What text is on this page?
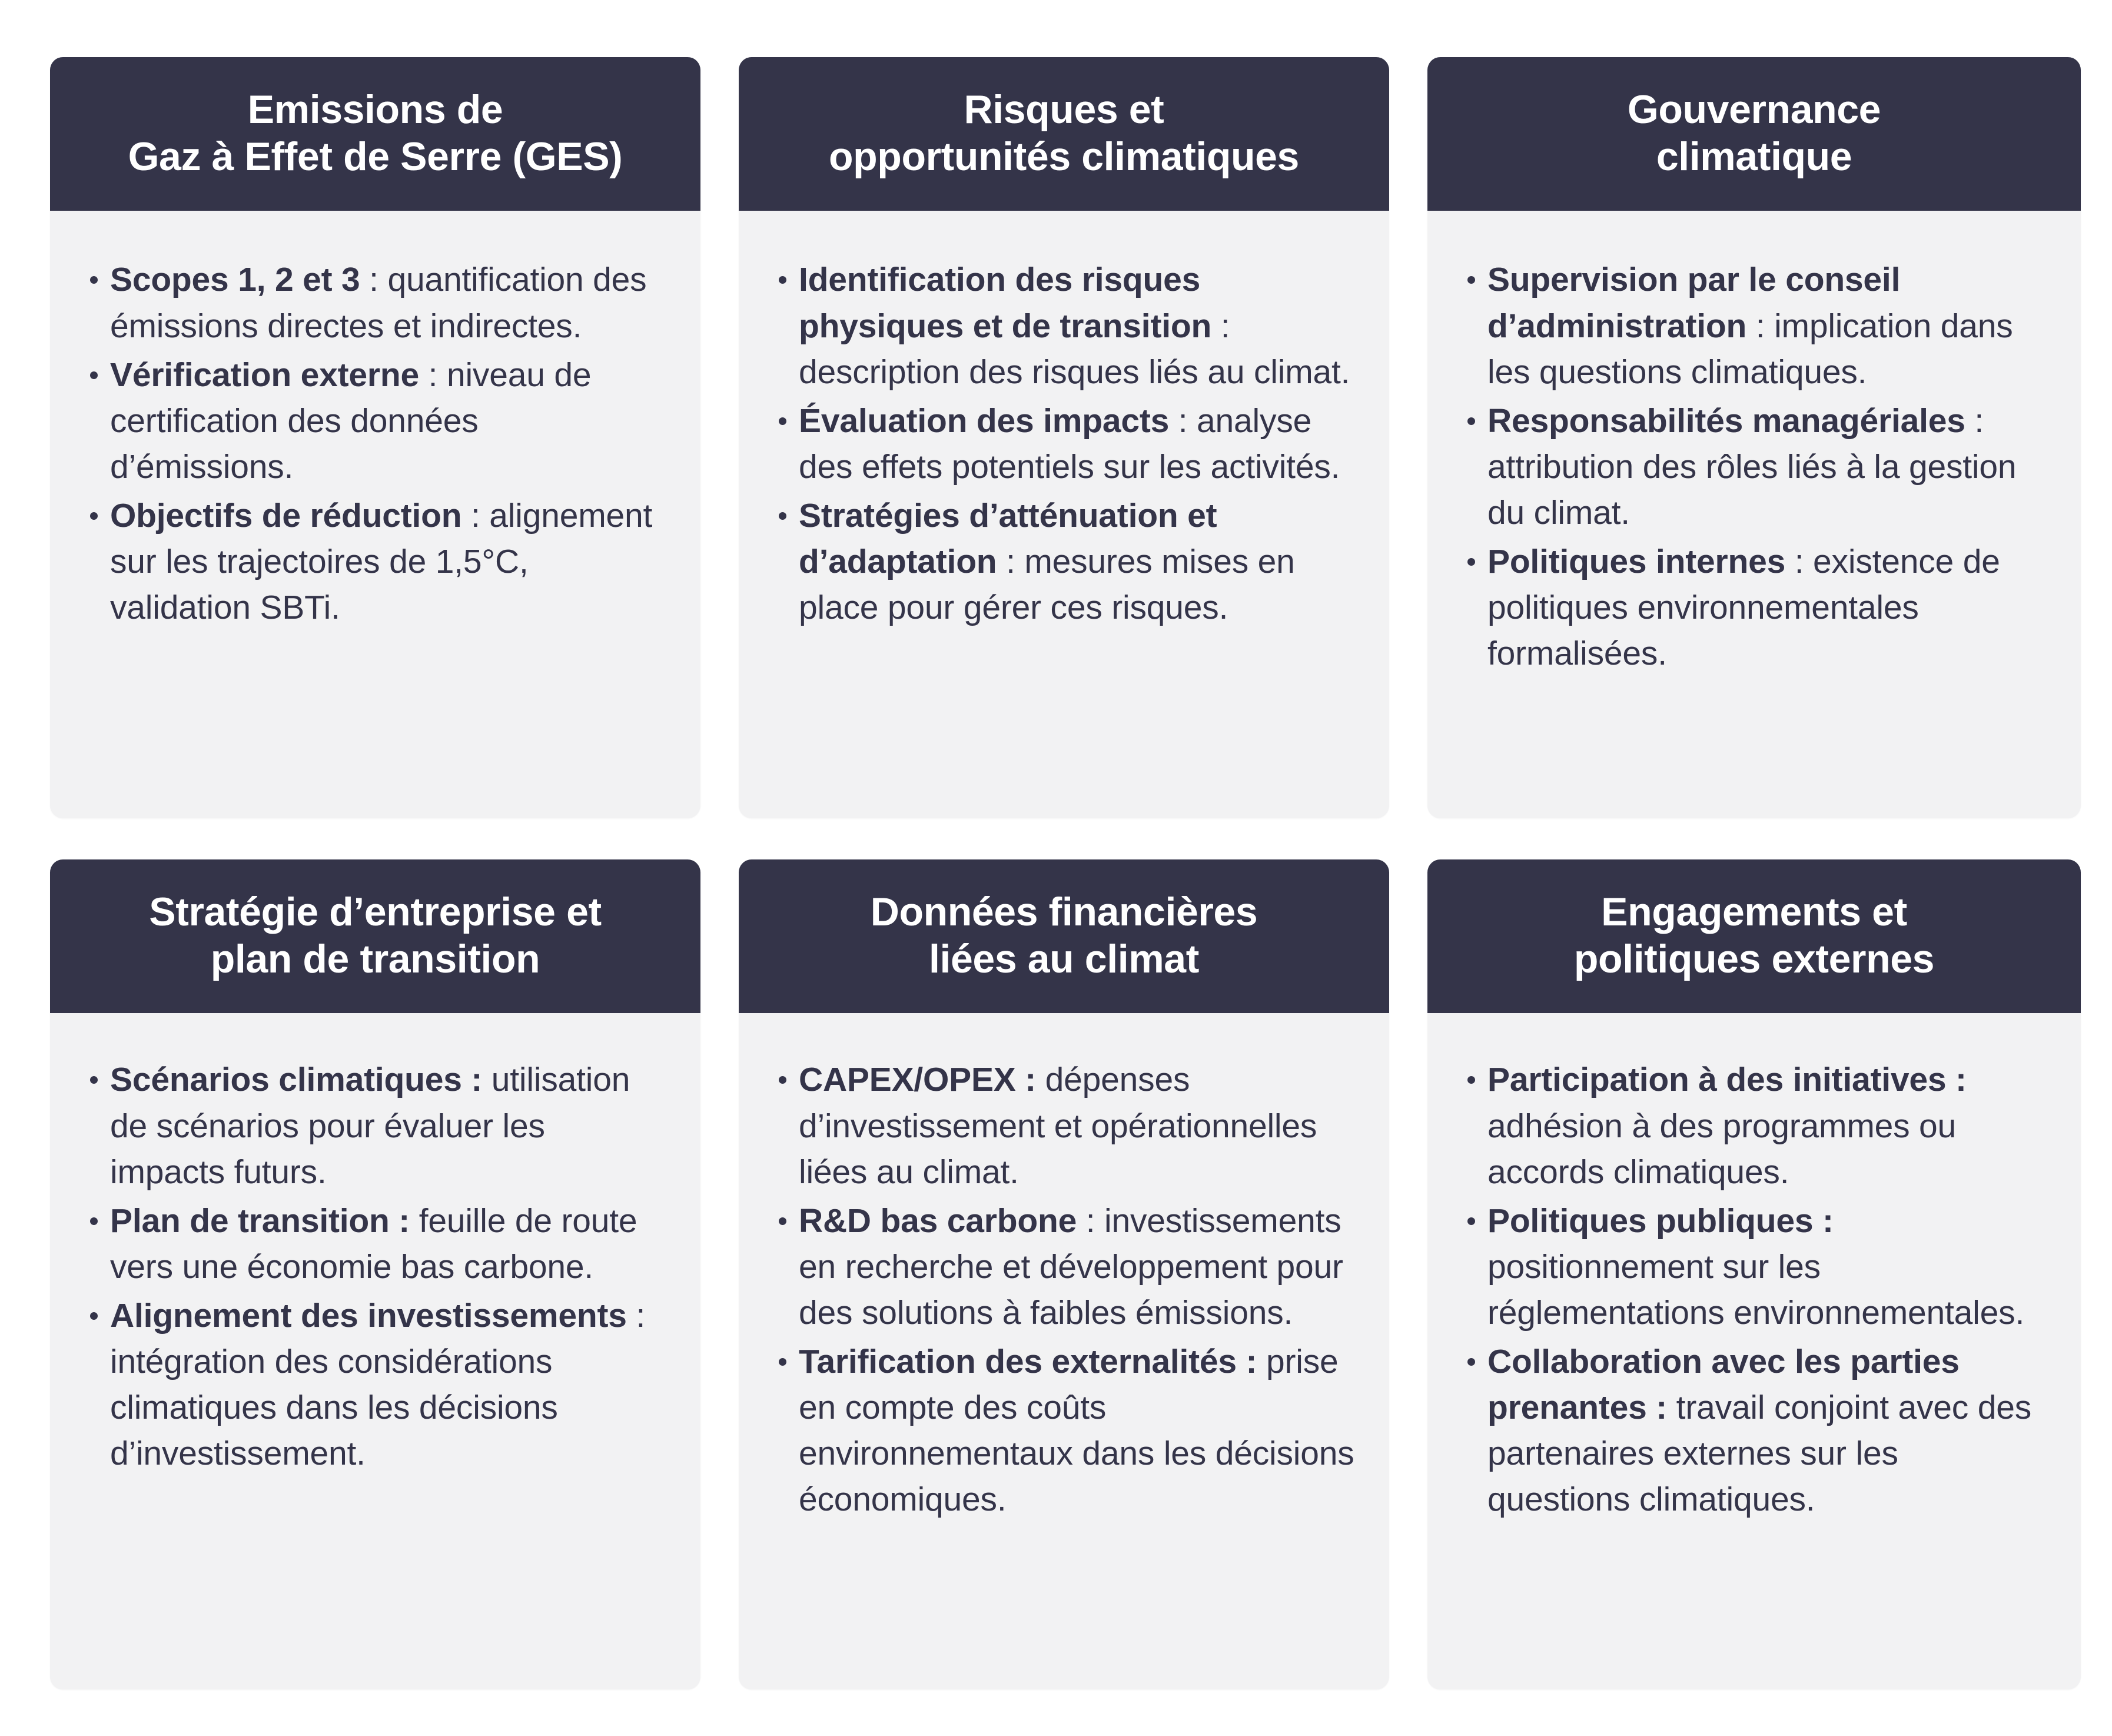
Emissions de
Gaz à Effet de Serre (GES)
Scopes 1, 2 et 3 : quantification des émissions directes et indirectes.
Vérification externe : niveau de certification des données d’émissions.
Objectifs de réduction : alignement sur les trajectoires de 1,5°C, validation SBTi.
Risques et
opportunités climatiques
Identification des risques physiques et de transition : description des risques liés au climat.
Évaluation des impacts : analyse des effets potentiels sur les activités.
Stratégies d’atténuation et d’adaptation : mesures mises en place pour gérer ces risques.
Gouvernance
climatique
Supervision par le conseil d’administration : implication dans les questions climatiques.
Responsabilités managériales : attribution des rôles liés à la gestion du climat.
Politiques internes : existence de politiques environnementales formalisées.
Stratégie d’entreprise et
plan de transition
Scénarios climatiques : utilisation de scénarios pour évaluer les impacts futurs.
Plan de transition : feuille de route vers une économie bas carbone.
Alignement des investissements : intégration des considérations climatiques dans les décisions d’investissement.
Données financières
liées au climat
CAPEX/OPEX : dépenses d’investissement et opérationnelles liées au climat.
R&D bas carbone : investissements en recherche et développement pour des solutions à faibles émissions.
Tarification des externalités : prise en compte des coûts environnementaux dans les décisions économiques.
Engagements et
politiques externes
Participation à des initiatives : adhésion à des programmes ou accords climatiques.
Politiques publiques : positionnement sur les réglementations environnementales.
Collaboration avec les parties prenantes : travail conjoint avec des partenaires externes sur les questions climatiques.
